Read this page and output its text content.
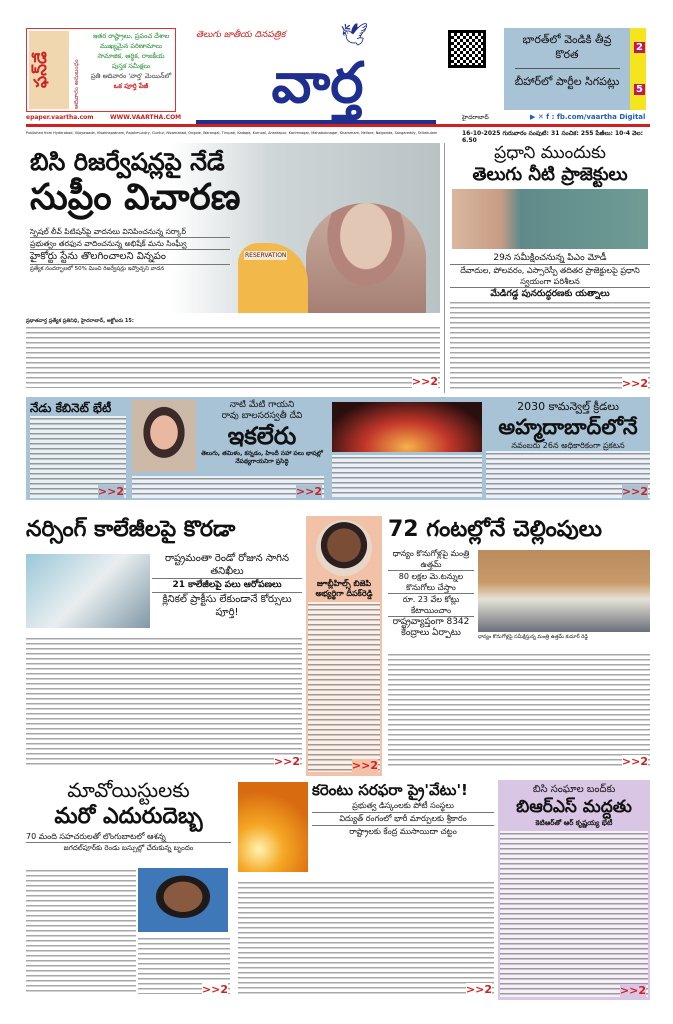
ఫన్‌డే	ఆదివారం అనుబంధం
ఇతర రాష్ట్రాలు, ప్రపంచ దేశాల
ముఖ్యమైన పరిణామాలు
సామాజిక, ఆర్థిక, రాజకీయ
పుస్తక సమీక్షలు
ప్రతి ఆదివారం 'వార్త' మెయిన్‌లో
ఒక పూర్తి పేజీ
epaper.vaartha.com	WWW.VAARTHA.COM
తెలుగు జాతీయ దినపత్రిక 🕊
వార్త
హైదరాబాద్	▶ ✕ f : fb.com/vaartha Digital
భారత్‌లో వెండికి తీవ్ర కొరత
2
బీహార్‌లో పార్టీల సిగపట్లు
5
Published from Hyderabad, Vijayawada, Visakhapatnam, Rajahmundry, Guntur, Nizamabad, Ongole, Warangal, Tirupati, Kadapa, Kurnool, Anantapur, Karimnagar, Mahabubnagar, Khammam, Nellore, Nalgonda, Sangareddy, Srikakulam	16-10-2025 గురువారం సంపుటి: 31 సంచిక: 255 పేజీలు: 10-4 వెల: 6.50
RESERVATION
బిసి రిజర్వేషన్లపై నేడే
సుప్రీం విచారణ
స్పెషల్ లీవ్ పిటిషన్‌పై వాదనలు వినిపించనున్న సర్కార్
ప్రభుత్వం తరఫున వాదించనున్న అభిషేక్ మను సింఘ్వీ
హైకోర్టు స్టేను తొలగించాలని విన్నపం
ప్రత్యేక సందర్భాలలో 50% మించి రిజర్వేషన్లు ఇవ్వొచ్చని వాదన
ప్రభాతవార్త ప్రత్యేక ప్రతినిధి, హైదరాబాద్, అక్టోబరు 15:
>>2
ప్రధాని ముందుకు
తెలుగు నీటి ప్రాజెక్టులు
29న సమీక్షించనున్న పిఎం మోడీ
దేవాదుల, పోలవరం, ఎస్సారెస్పీ తదితర ప్రాజెక్టులపై ప్రధాని స్వయంగా పరిశీలన
మేడిగడ్డ పునరుద్ధరణకు యత్నాలు
>>2
నేడు కేబినెట్ భేటీ
>>2
నాటి మేటి గాయని
రావు బాలసరస్వతీ దేవి
ఇకలేరు
తెలుగు, తమిళం, కన్నడం, హిందీ సహా పలు భాషల్లో నేపథ్యగాయనిగా ప్రసిద్ధి
>>2
2030 కామన్వెల్త్ క్రీడలు
అహ్మదాబాద్‌లోనే
నవంబరు 26న అధికారికంగా ప్రకటన
>>2
నర్సింగ్ కాలేజీలపై కొరడా
రాష్ట్రమంతా రెండో రోజున సాగిన తనిఖీలు
21 కాలేజీలపై పలు ఆరోపణలు
క్లినికల్ ప్రాక్టీసు లేకుండానే కోర్సులు పూర్తి!
>>2
జూబ్లీహిల్స్ బిజెపి అభ్యర్థిగా దీపక్‌రెడ్డి
>>2
72 గంటల్లోనే చెల్లింపులు
ధాన్యం కొనుగోళ్లపై మంత్రి ఉత్తమ్
80 లక్షల మె.టన్నుల కొనుగోలు చేస్తాం
రూ. 23 వేల కోట్లు కేటాయించాం
రాష్ట్రవ్యాప్తంగా 8342 కేంద్రాలు ఏర్పాటు	ధాన్యం కొనుగోళ్లపై సమీక్షిస్తున్న మంత్రి ఉత్తమ్ కుమార్ రెడ్డి
>>2
మావోయిస్టులకు
మరో ఎదురుదెబ్బ
70 మంది సహచరులతో లొంగుబాటలో ఆశన్న
జగదల్‌పూర్‌కు రెండు బస్సుల్లో చేరుకున్న బృందం
>>2
కరెంటు సరఫరా ప్రై'వేటు'!
ప్రభుత్వ డిస్కంలకు పోటీ సంస్థలు
విద్యుత్ రంగంలో భారీ మార్పులకు శ్రీకారం
రాష్ట్రాలకు కేంద్ర ముసాయిదా చట్టం
>>2
బిసి సంఘాల బంద్‌కు
బిఆర్‌ఎస్ మద్దతు
కెటిఆర్‌తో ఆర్ కృష్ణయ్య భేటీ
>>2
